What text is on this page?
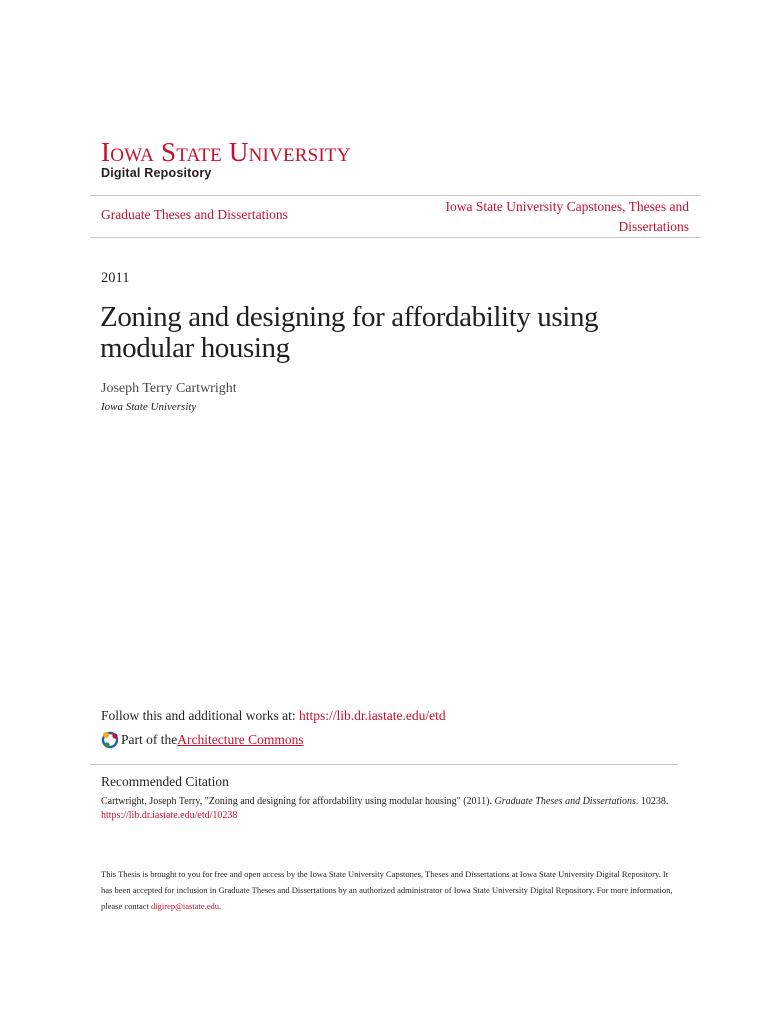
Iowa State University
Digital Repository
Graduate Theses and Dissertations
Iowa State University Capstones, Theses and
Dissertations
2011
Zoning and designing for affordability using modular housing
Joseph Terry Cartwright
Iowa State University
Follow this and additional works at: https://lib.dr.iastate.edu/etd
Part of the Architecture Commons
Recommended Citation
Cartwright, Joseph Terry, "Zoning and designing for affordability using modular housing" (2011). Graduate Theses and Dissertations. 10238.
https://lib.dr.iastate.edu/etd/10238
This Thesis is brought to you for free and open access by the Iowa State University Capstones, Theses and Dissertations at Iowa State University Digital Repository. It has been accepted for inclusion in Graduate Theses and Dissertations by an authorized administrator of Iowa State University Digital Repository. For more information, please contact digirep@iastate.edu.
